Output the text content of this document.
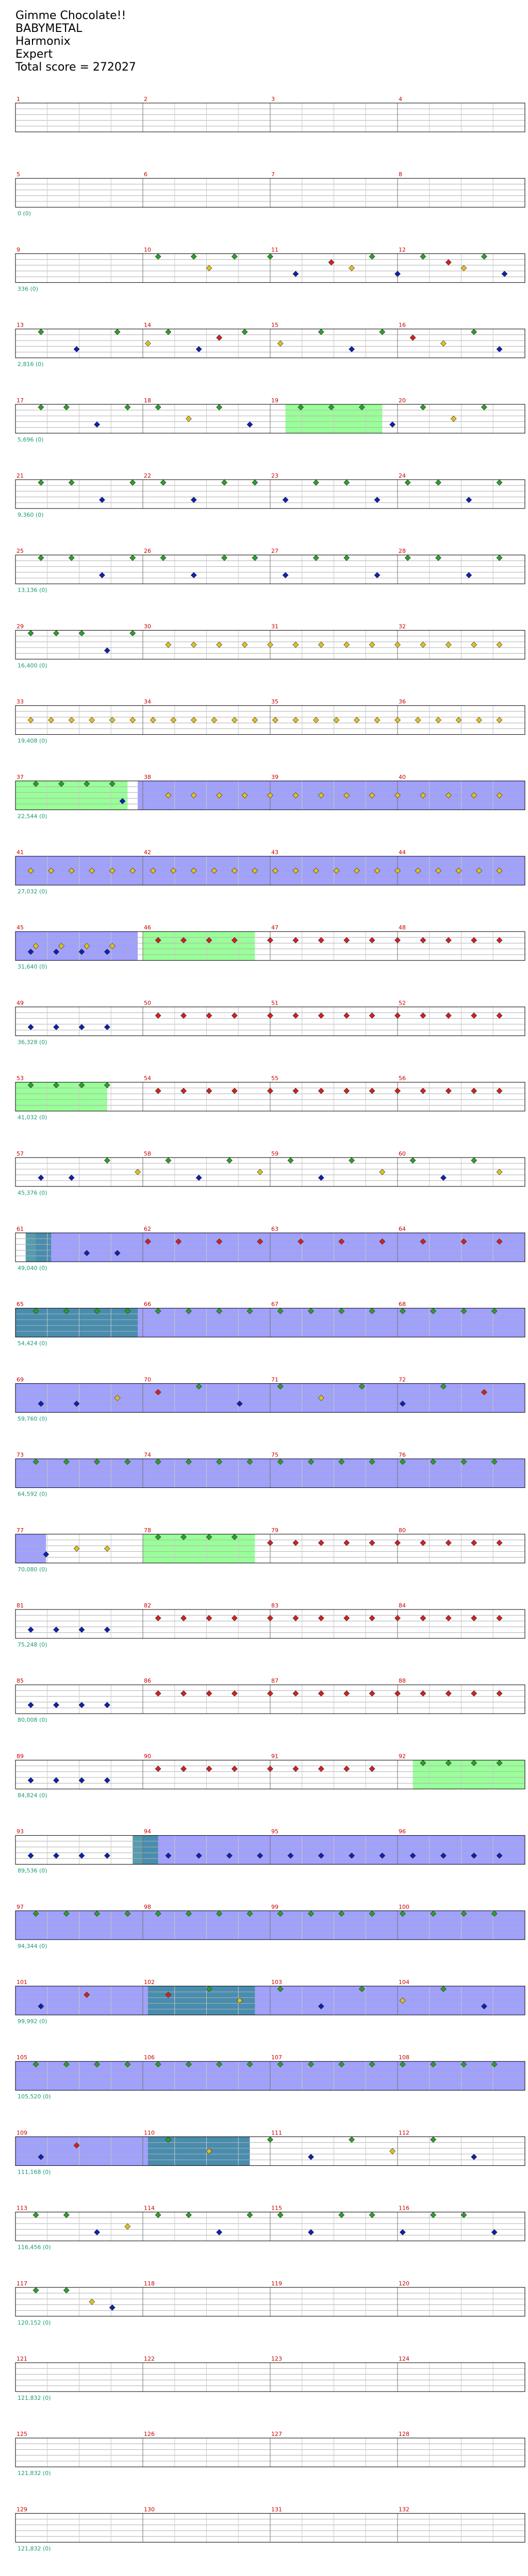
Gimme Chocolate!!
BABYMETAL
Harmonix
Expert
Total score = 272027
1	2	3	4
5	6	7	8
0 (0)
9	10	11	12
336 (0)
13	14	15	16
2,816 (0)
17	18	19	20
5,696 (0)
21	22	23	24
9,360 (0)
25	26	27	28
13,136 (0)
29	30	31	32
16,400 (0)
33	34	35	36
19,408 (0)
37	38	39	40
22,544 (0)
41	42	43	44
27,032 (0)
45	46	47	48
31,640 (0)
49	50	51	52
36,328 (0)
53	54	55	56
41,032 (0)
57	58	59	60
45,376 (0)
61	62	63	64
49,040 (0)
65	66	67	68
54,424 (0)
69	70	71	72
59,760 (0)
73	74	75	76
64,592 (0)
77	78	79	80
70,080 (0)
81	82	83	84
75,248 (0)
85	86	87	88
80,008 (0)
89	90	91	92
84,824 (0)
93	94	95	96
89,536 (0)
97	98	99	100
94,344 (0)
101	102	103	104
99,992 (0)
105	106	107	108
105,520 (0)
109	110	111	112
111,168 (0)
113	114	115	116
116,456 (0)
117	118	119	120
120,152 (0)
121	122	123	124
121,832 (0)
125	126	127	128
121,832 (0)
129	130	131	132
121,832 (0)
